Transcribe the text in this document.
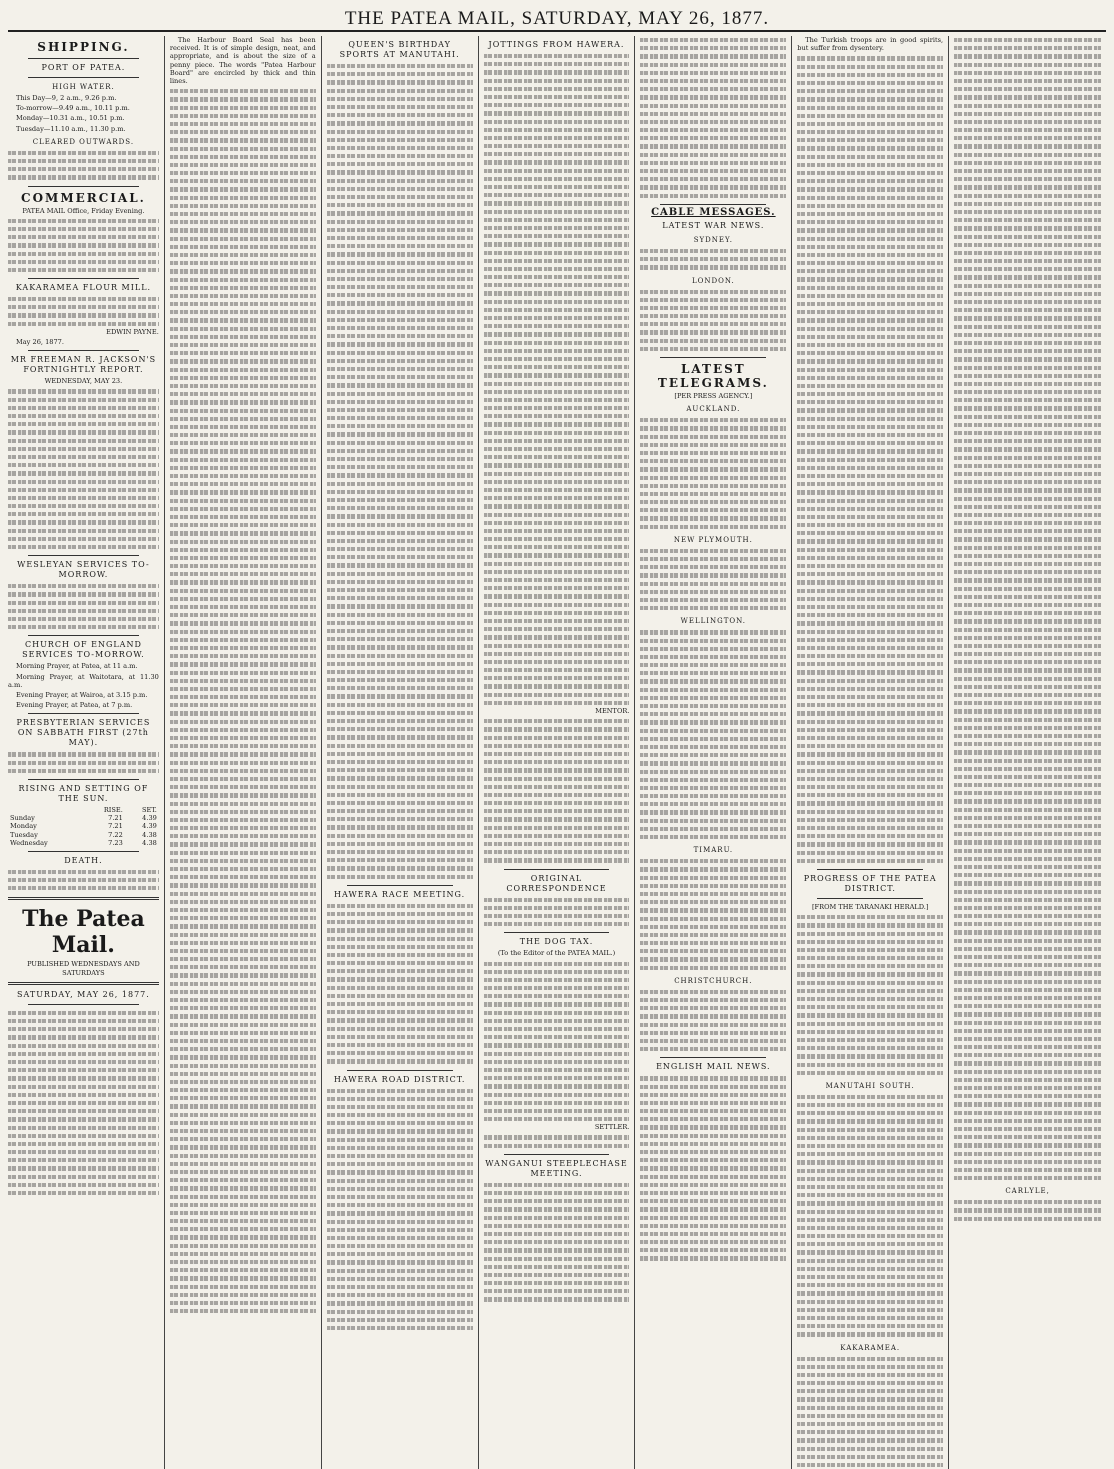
THE PATEA MAIL, SATURDAY, MAY 26, 1877.
SHIPPING.
PORT OF PATEA.
HIGH WATER.

This Day—9, 2 a.m., 9.26 p.m.

To-morrow—9.49 a.m., 10.11 p.m.

Monday—10.31 a.m., 10.51 p.m.

Tuesday—11.10 a.m., 11.30 p.m.

CLEARED OUTWARDS.
COMMERCIAL.

PATEA MAIL Office, Friday Evening.

KAKARAMEA FLOUR MILL.

EDWIN PAYNE.

May 26, 1877.

MR FREEMAN R. JACKSON'S FORTNIGHTLY REPORT.

WEDNESDAY, MAY 23.

WESLEYAN SERVICES TO-MORROW.
CHURCH OF ENGLAND SERVICES TO-MORROW.

Morning Prayer, at Patea, at 11 a.m.

Morning Prayer, at Waitotara, at 11.30 a.m.

Evening Prayer, at Wairoa, at 3.15 p.m.

Evening Prayer, at Patea, at 7 p.m.

PRESBYTERIAN SERVICES ON SABBATH FIRST (27th MAY).
RISING AND SETTING OF THE SUN.
	RISE.	SET.
Sunday	7.21	4.39
Monday	7.21	4.39
Tuesday	7.22	4.38
Wednesday	7.23	4.38
DEATH.
The Patea Mail.

PUBLISHED WEDNESDAYS AND SATURDAYS

SATURDAY, MAY 26, 1877.

The Harbour Board Seal has been received. It is of simple design, neat, and appropriate, and is about the size of a penny piece. The words "Patea Harbour Board" are encircled by thick and thin lines.

QUEEN'S BIRTHDAY SPORTS AT MANUTAHI.
HAWERA RACE MEETING.
HAWERA ROAD DISTRICT.
JOTTINGS FROM HAWERA.

MENTOR.

ORIGINAL CORRESPONDENCE
THE DOG TAX.

(To the Editor of the PATEA MAIL.)

SETTLER.

WANGANUI STEEPLECHASE MEETING.
CABLE MESSAGES.
LATEST WAR NEWS.
SYDNEY.
LONDON.
LATEST TELEGRAMS.

[PER PRESS AGENCY.]

AUCKLAND.
NEW PLYMOUTH.
WELLINGTON.
TIMARU.
CHRISTCHURCH.
ENGLISH MAIL NEWS.

The Turkish troops are in good spirits, but suffer from dysentery.

PROGRESS OF THE PATEA DISTRICT.

[FROM THE TARANAKI HERALD.]

MANUTAHI SOUTH.
KAKARAMEA.
CARLYLE,
